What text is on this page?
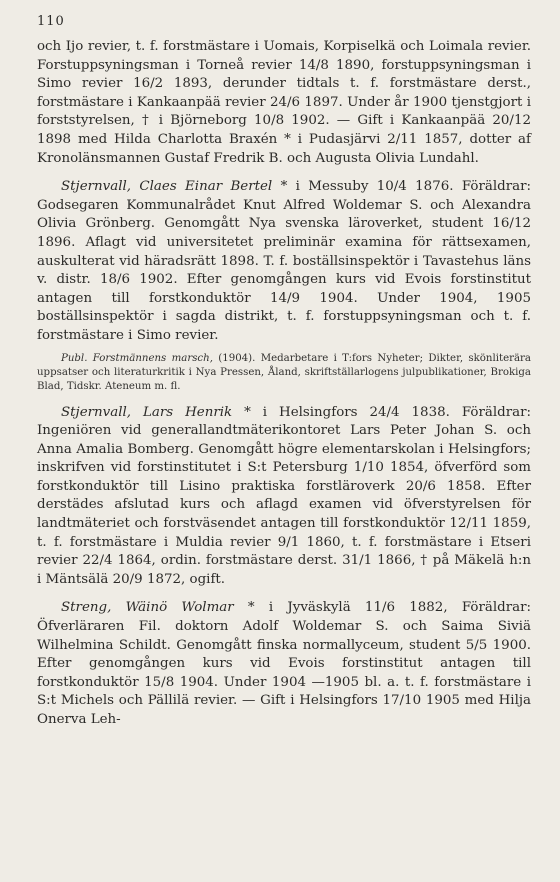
110

och Ijo revier, t. f. forstmästare i Uomais, Korpiselkä och Loimala revier. Forstuppsyningsman i Torneå revier 14/8 1890, forstuppsyningsman i Simo revier 16/2 1893, derunder tidtals t. f. forstmästare derst., forstmästare i Kankaanpää revier 24/6 1897. Under år 1900 tjenstgjort i forststyrelsen, † i Björneborg 10/8 1902. — Gift i Kankaanpää 20/12 1898 med Hilda Charlotta Braxén * i Pudasjärvi 2/11 1857, dotter af Kronolänsmannen Gustaf Fredrik B. och Augusta Olivia Lundahl.

Stjernvall, Claes Einar Bertel * i Messuby 10/4 1876. Föräldrar: Godsegaren Kommunalrådet Knut Alfred Woldemar S. och Alexandra Olivia Grönberg. Genomgått Nya svenska läroverket, student 16/12 1896. Aflagt vid universitetet preliminär examina för rättsexamen, auskulterat vid häradsrätt 1898. T. f. boställsinspektör i Tavastehus läns v. distr. 18/6 1902. Efter genomgången kurs vid Evois forstinstitut antagen till forstkonduktör 14/9 1904. Under 1904, 1905 boställsinspektör i sagda distrikt, t. f. forstuppsyningsman och t. f. forstmästare i Simo revier.

Publ. Forstmännens marsch, (1904). Medarbetare i T:fors Nyheter; Dikter, skönliterära uppsatser och literaturkritik i Nya Pressen, Åland, skriftställarlogens julpublikationer, Brokiga Blad, Tidskr. Ateneum m. fl.

Stjernvall, Lars Henrik * i Helsingfors 24/4 1838. Föräldrar: Ingeniören vid generallandtmäterikontoret Lars Peter Johan S. och Anna Amalia Bomberg. Genomgått högre elementarskolan i Helsingfors; inskrifven vid forstinstitutet i S:t Petersburg 1/10 1854, öfverförd som forstkonduktör till Lisino praktiska forstläroverk 20/6 1858. Efter derstädes afslutad kurs och aflagd examen vid öfverstyrelsen för landtmäteriet och forstväsendet antagen till forstkonduktör 12/11 1859, t. f. forstmästare i Muldia revier 9/1 1860, t. f. forstmästare i Etseri revier 22/4 1864, ordin. forstmästare derst. 31/1 1866, † på Mäkelä h:n i Mäntsälä 20/9 1872, ogift.

Streng, Wäinö Wolmar * i Jyväskylä 11/6 1882, Föräldrar: Öfverläraren Fil. doktorn Adolf Woldemar S. och Saima Siviä Wilhelmina Schildt. Genomgått finska normallyceum, student 5/5 1900. Efter genomgången kurs vid Evois forstinstitut antagen till forstkonduktör 15/8 1904. Under 1904 —1905 bl. a. t. f. forstmästare i S:t Michels och Pällilä revier. — Gift i Helsingfors 17/10 1905 med Hilja Onerva Leh-
